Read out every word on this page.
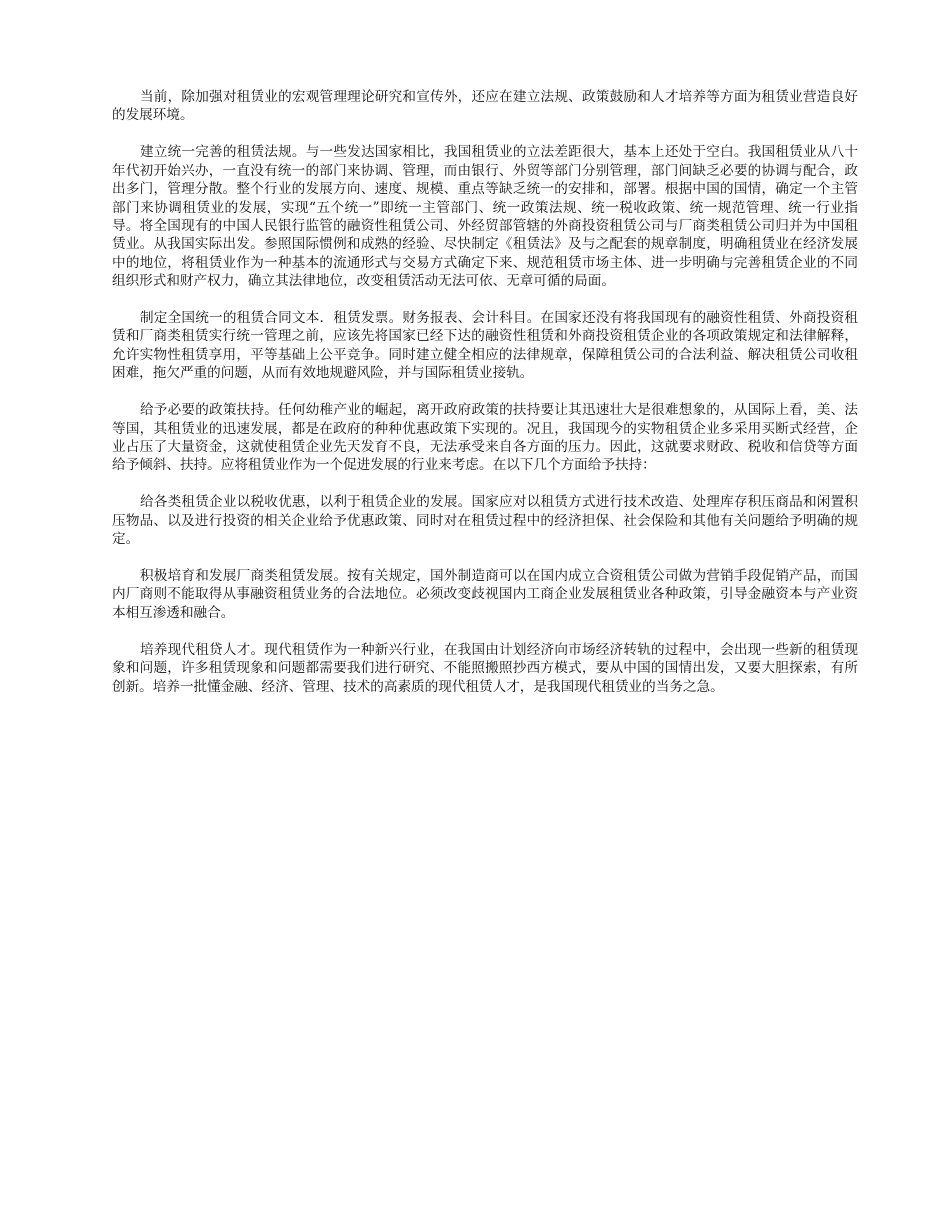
当前，除加强对租赁业的宏观管理理论研究和宣传外，还应在建立法规、政策鼓励和人才培养等方面为租赁业营造良好的发展环境。

建立统一完善的租赁法规。与一些发达国家相比，我国租赁业的立法差距很大，基本上还处于空白。我国租赁业从八十年代初开始兴办，一直没有统一的部门来协调、管理，而由银行、外贸等部门分别管理，部门间缺乏必要的协调与配合，政出多门，管理分散。整个行业的发展方向、速度、规模、重点等缺乏统一的安排和，部署。根据中国的国情，确定一个主管部门来协调租赁业的发展，实现“五个统一”即统一主管部门、统一政策法规、统一税收政策、统一规范管理、统一行业指导。将全国现有的中国人民银行监管的融资性租赁公司、外经贸部管辖的外商投资租赁公司与厂商类租赁公司归并为中国租赁业。从我国实际出发。参照国际惯例和成熟的经验、尽快制定《租赁法》及与之配套的规章制度，明确租赁业在经济发展中的地位，将租赁业作为一种基本的流通形式与交易方式确定下来、规范租赁市场主体、进一步明确与完善租赁企业的不同组织形式和财产权力，确立其法律地位，改变租赁活动无法可依、无章可循的局面。

制定全国统一的租赁合同文本．租赁发票。财务报表、会计科目。在国家还没有将我国现有的融资性租赁、外商投资租赁和厂商类租赁实行统一管理之前，应该先将国家已经下达的融资性租赁和外商投资租赁企业的各项政策规定和法律解释，允许实物性租赁享用，平等基础上公平竞争。同时建立健全相应的法律规章，保障租赁公司的合法利益、解决租赁公司收租困难，拖欠严重的问题，从而有效地规避风险，并与国际租赁业接轨。

给予必要的政策扶持。任何幼稚产业的崛起，离开政府政策的扶持要让其迅速壮大是很难想象的，从国际上看，美、法等国，其租赁业的迅速发展，都是在政府的种种优惠政策下实现的。况且，我国现今的实物租赁企业多采用买断式经营，企业占压了大量资金，这就使租赁企业先天发育不良，无法承受来自各方面的压力。因此，这就要求财政、税收和信贷等方面给予倾斜、扶持。应将租赁业作为一个促进发展的行业来考虑。在以下几个方面给予扶持：

给各类租赁企业以税收优惠，以利于租赁企业的发展。国家应对以租赁方式进行技术改造、处理库存积压商品和闲置积压物品、以及进行投资的相关企业给予优惠政策、同时对在租赁过程中的经济担保、社会保险和其他有关问题给予明确的规定。

积极培育和发展厂商类租赁发展。按有关规定，国外制造商可以在国内成立合资租赁公司做为营销手段促销产品，而国内厂商则不能取得从事融资租赁业务的合法地位。必须改变歧视国内工商企业发展租赁业各种政策，引导金融资本与产业资本相互渗透和融合。

培养现代租贷人才。现代租赁作为一种新兴行业，在我国由计划经济向市场经济转轨的过程中，会出现一些新的租赁现象和问题，许多租赁现象和问题都需要我们进行研究、不能照搬照抄西方模式，要从中国的国情出发，又要大胆探索，有所创新。培养一批懂金融、经济、管理、技术的高素质的现代租赁人才，是我国现代租赁业的当务之急。
